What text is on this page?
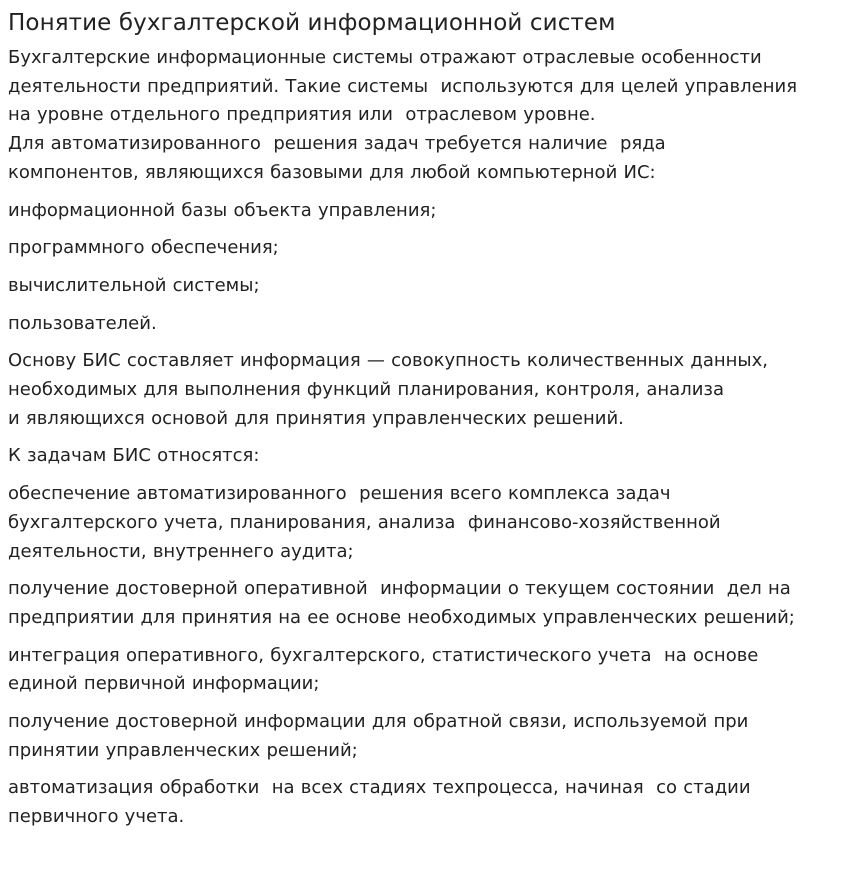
Понятие бухгалтерской информационной систем

Бухгалтерские информационные системы отражают отраслевые особенности
деятельности предприятий. Такие системы  используются для целей управления
на уровне отдельного предприятия или  отраслевом уровне.
Для автоматизированного  решения задач требуется наличие  ряда
компонентов, являющихся базовыми для любой компьютерной ИС:

информационной базы объекта управления;

программного обеспечения;

вычислительной системы;

пользователей.

Основу БИС составляет информация — совокупность количественных данных,
необходимых для выполнения функций планирования, контроля, анализа
и являющихся основой для принятия управленческих решений.

К задачам БИС относятся:

обеспечение автоматизированного  решения всего комплекса задач
бухгалтерского учета, планирования, анализа  финансово-хозяйственной
деятельности, внутреннего аудита;

получение достоверной оперативной  информации о текущем состоянии  дел на
предприятии для принятия на ее основе необходимых управленческих решений;

интеграция оперативного, бухгалтерского, статистического учета  на основе
единой первичной информации;

получение достоверной информации для обратной связи, используемой при
принятии управленческих решений;

автоматизация обработки  на всех стадиях техпроцесса, начиная  со стадии
первичного учета.
